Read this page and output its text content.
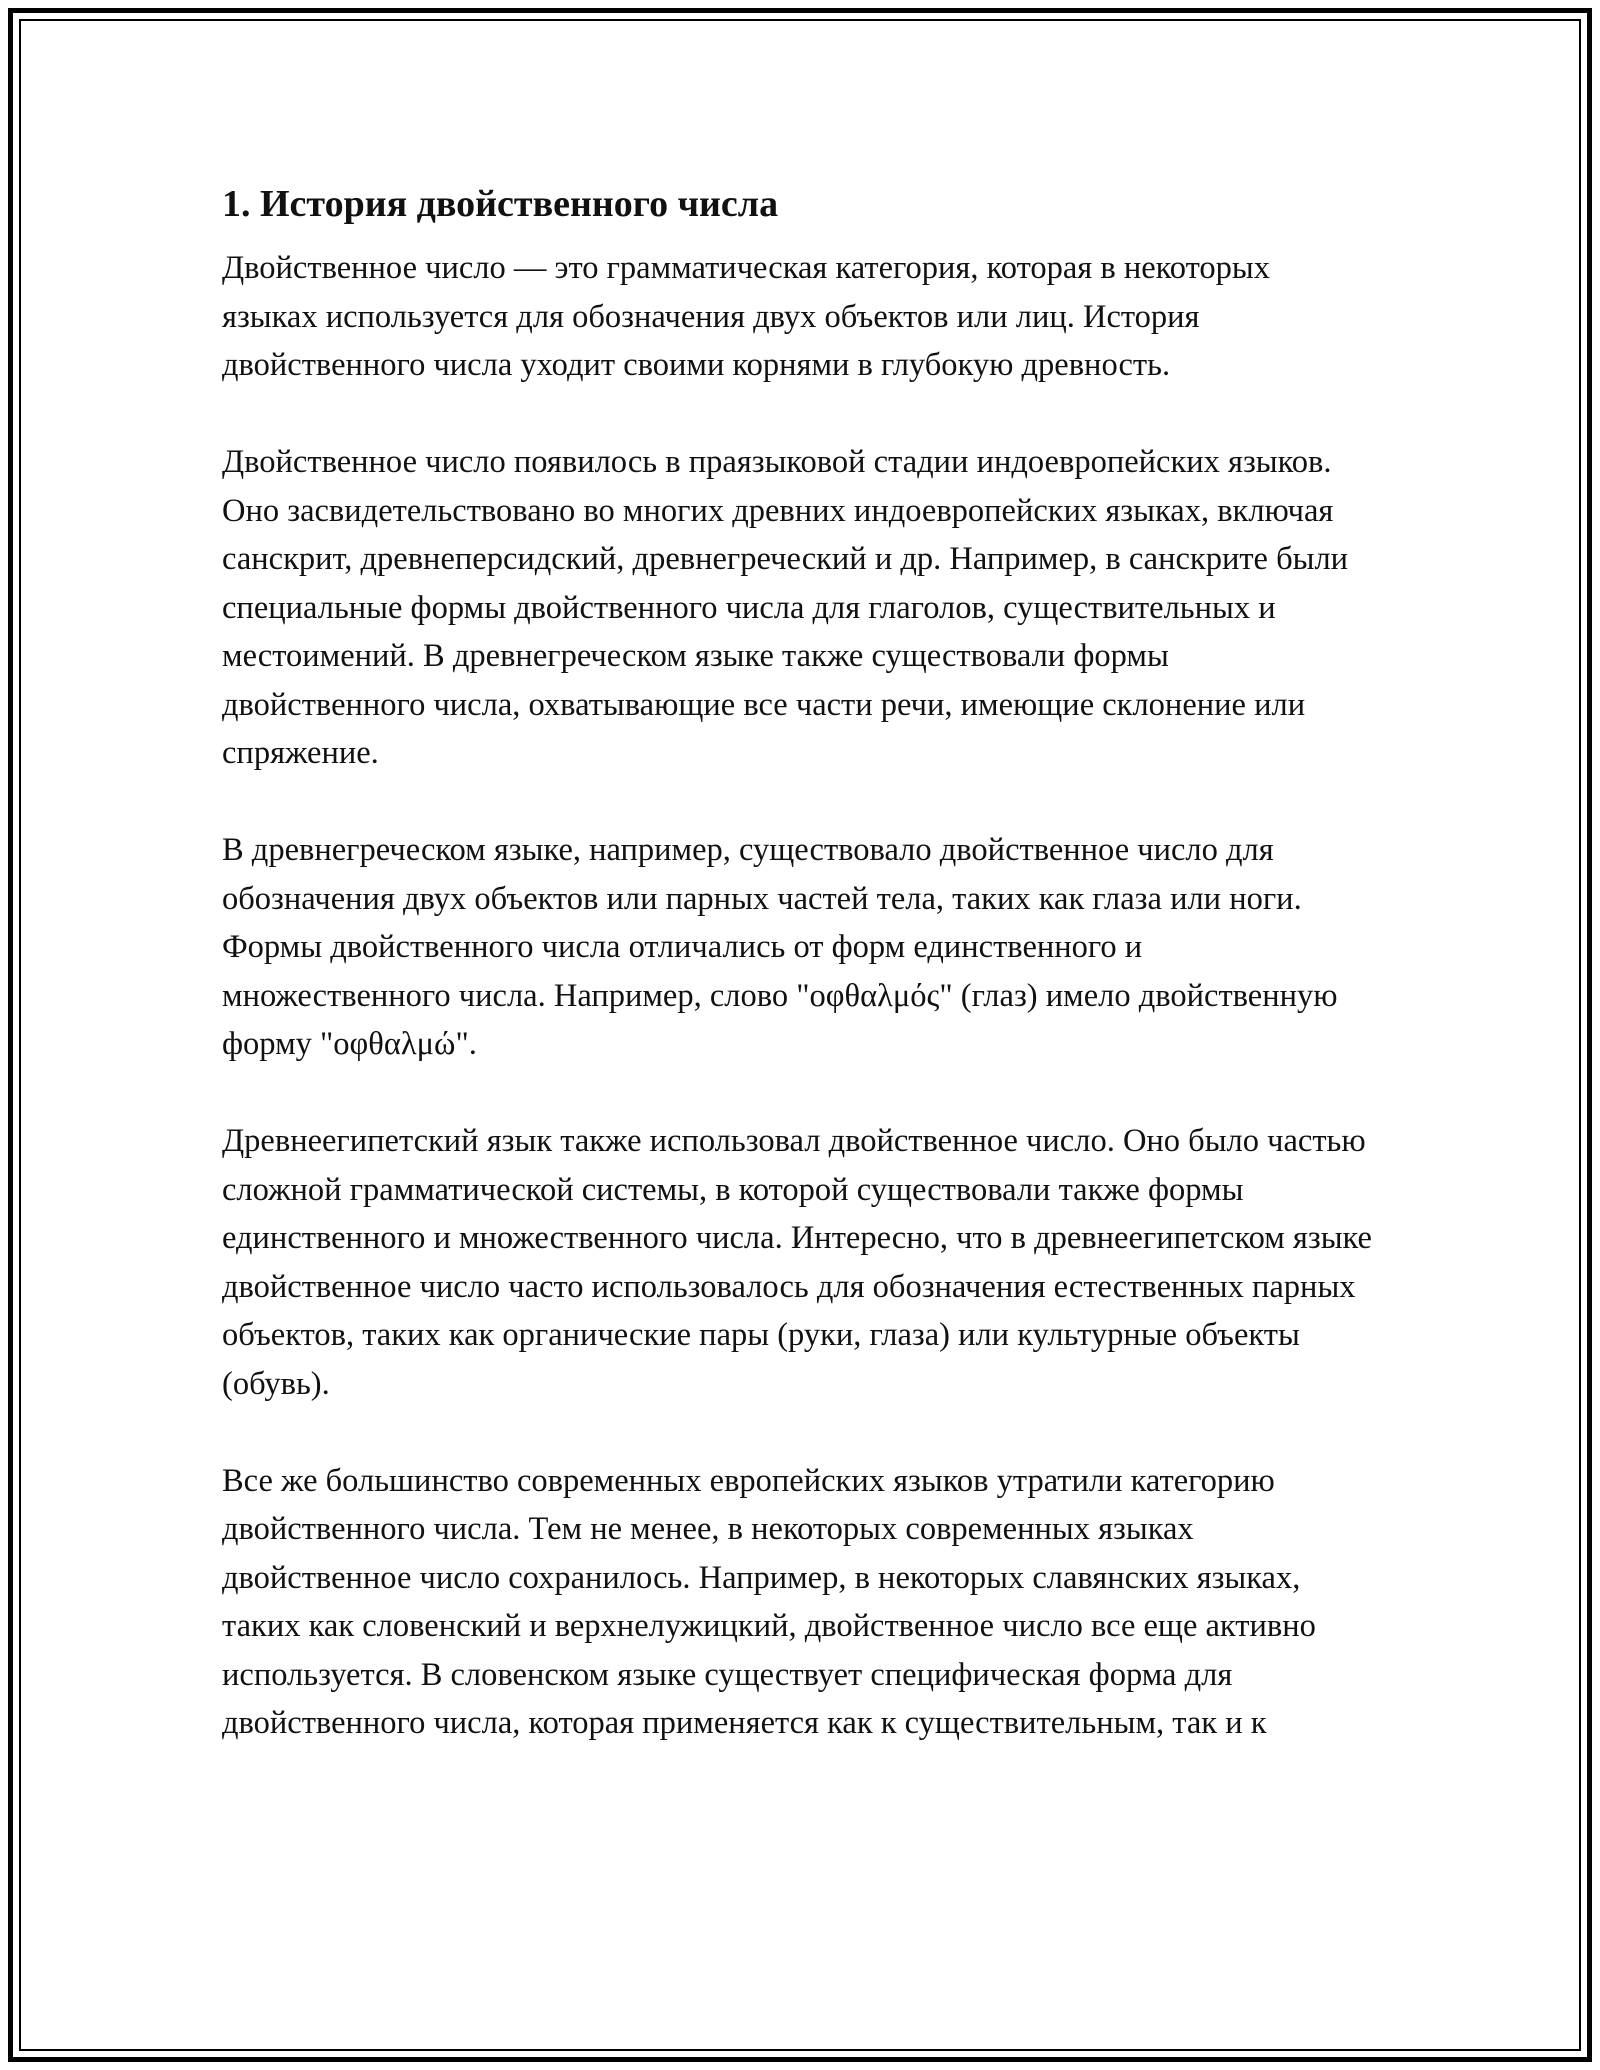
1. История двойственного числа

Двойственное число — это грамматическая категория, которая в некоторых языках используется для обозначения двух объектов или лиц. История двойственного числа уходит своими корнями в глубокую древность.

Двойственное число появилось в праязыковой стадии индоевропейских языков. Оно засвидетельствовано во многих древних индоевропейских языках, включая санскрит, древнеперсидский, древнегреческий и др. Например, в санскрите были специальные формы двойственного числа для глаголов, существительных и местоимений. В древнегреческом языке также существовали формы двойственного числа, охватывающие все части речи, имеющие склонение или спряжение.

В древнегреческом языке, например, существовало двойственное число для обозначения двух объектов или парных частей тела, таких как глаза или ноги. Формы двойственного числа отличались от форм единственного и множественного числа. Например, слово "οφθαλμός" (глаз) имело двойственную форму "οφθαλμώ".

Древнеегипетский язык также использовал двойственное число. Оно было частью сложной грамматической системы, в которой существовали также формы единственного и множественного числа. Интересно, что в древнеегипетском языке двойственное число часто использовалось для обозначения естественных парных объектов, таких как органические пары (руки, глаза) или культурные объекты (обувь).

Все же большинство современных европейских языков утратили категорию двойственного числа. Тем не менее, в некоторых современных языках двойственное число сохранилось. Например, в некоторых славянских языках, таких как словенский и верхнелужицкий, двойственное число все еще активно используется. В словенском языке существует специфическая форма для двойственного числа, которая применяется как к существительным, так и к
